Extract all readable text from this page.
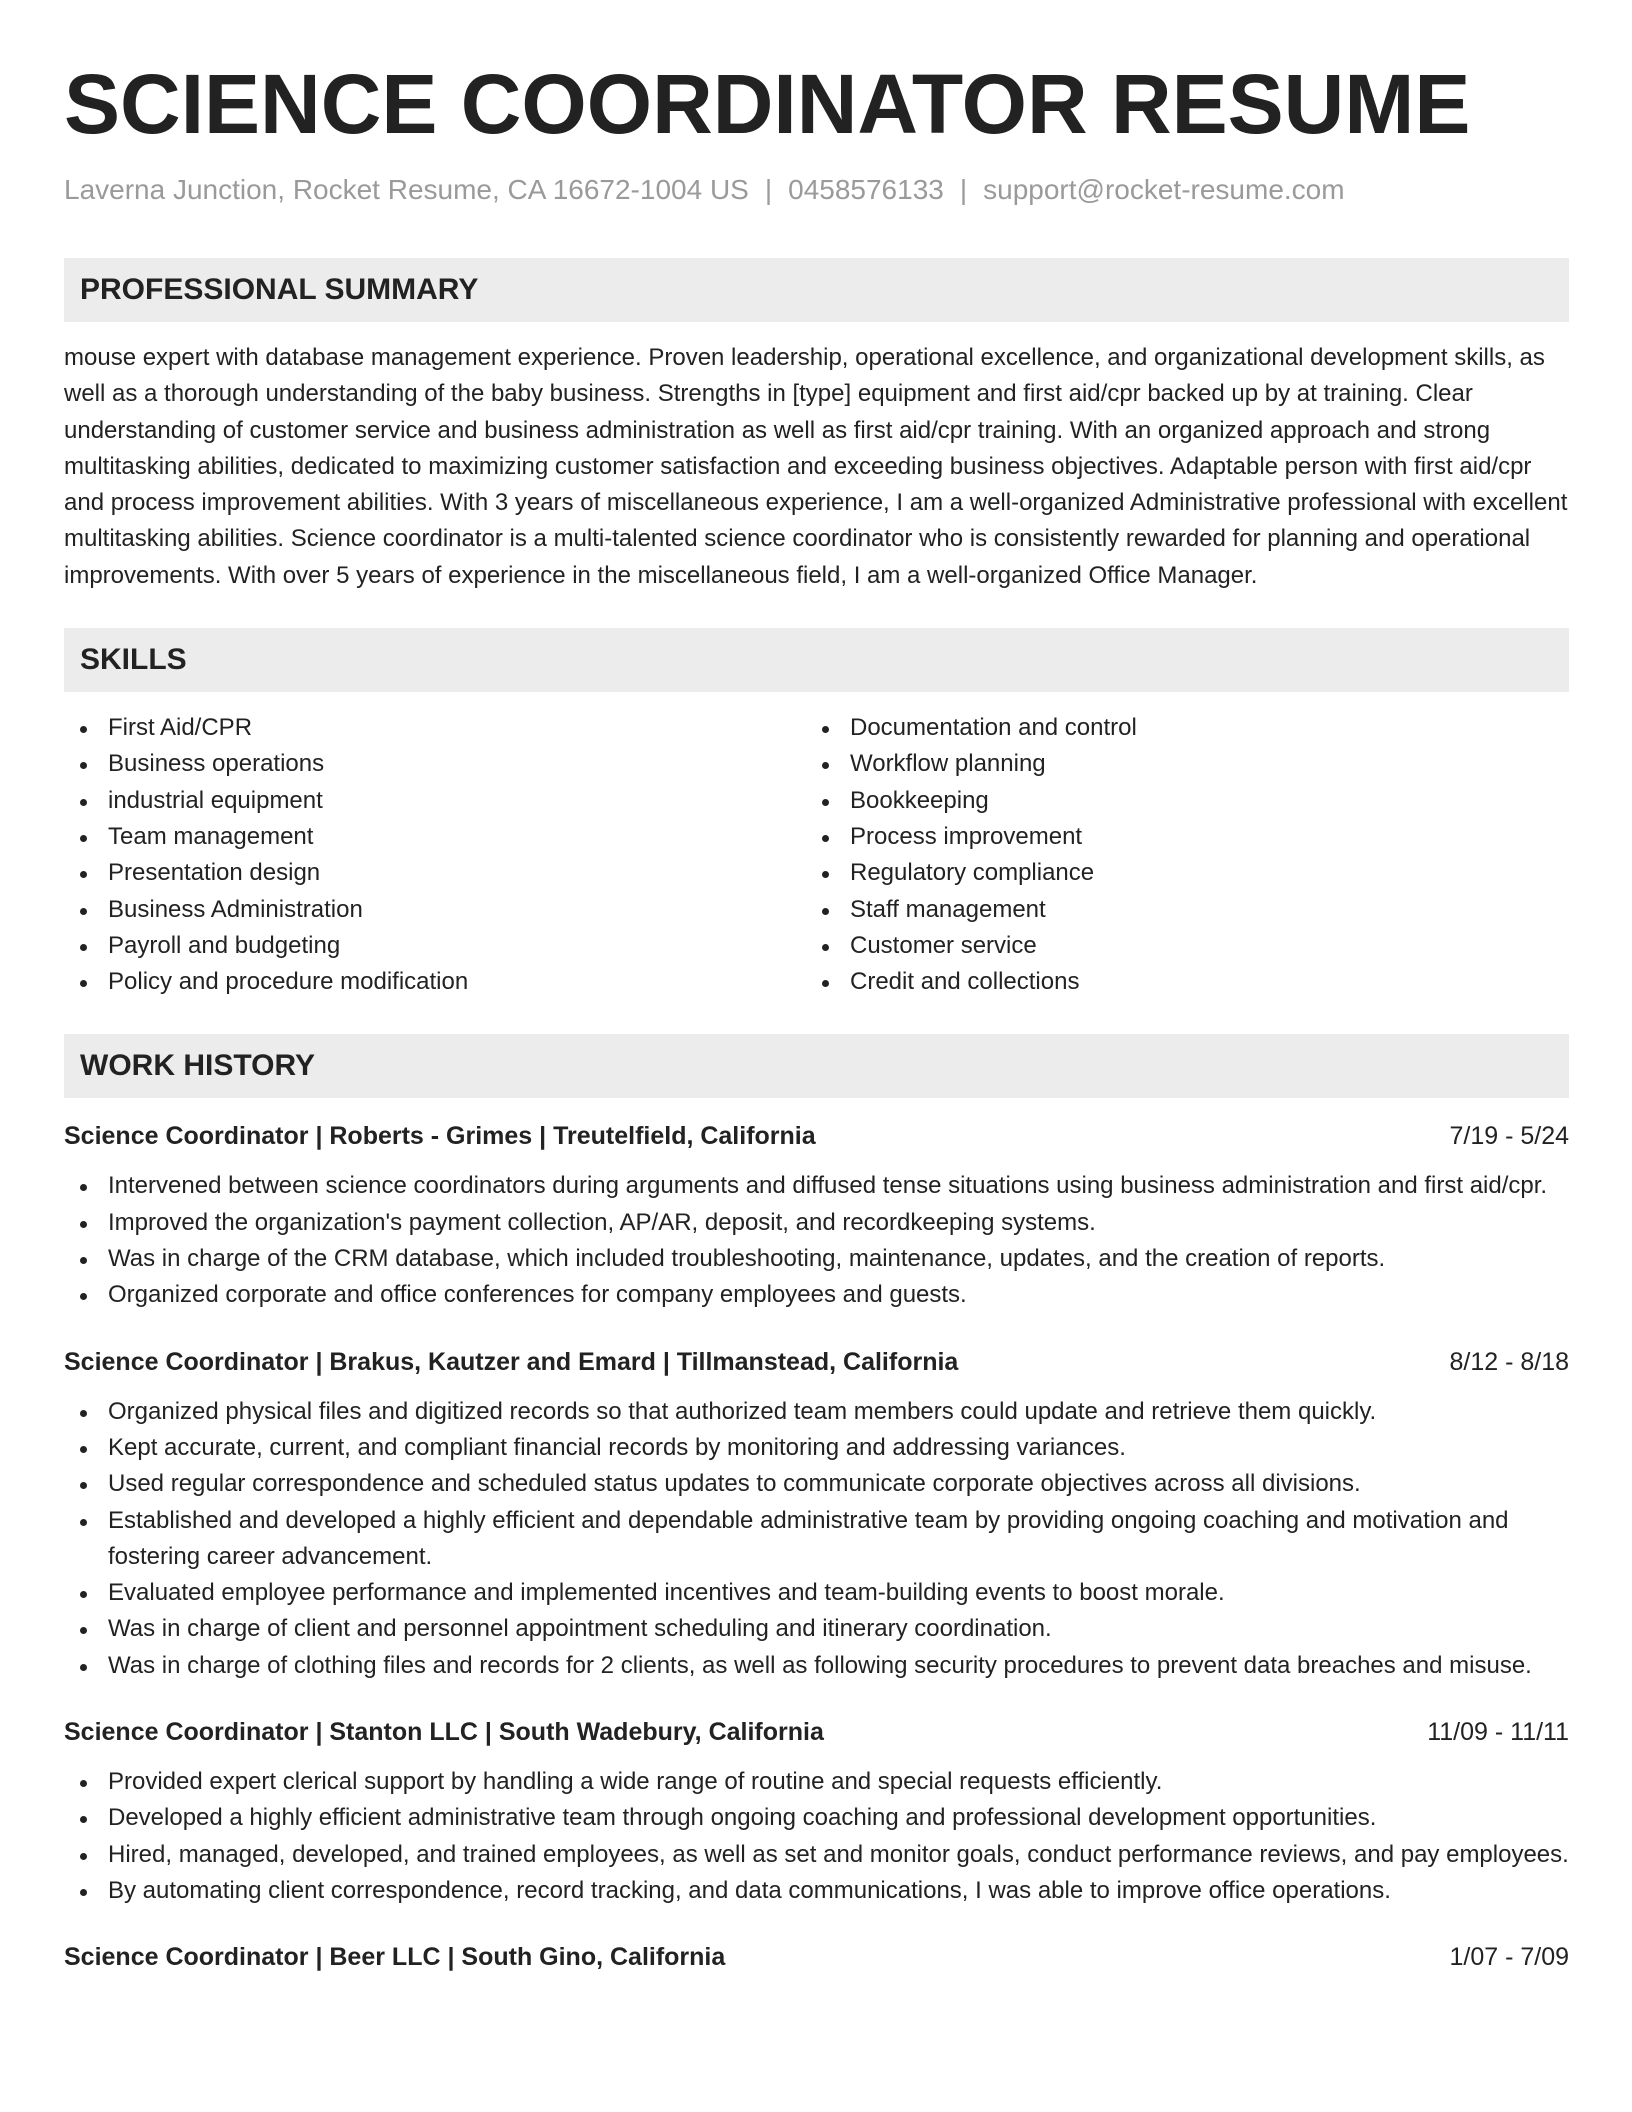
SCIENCE COORDINATOR RESUME
Laverna Junction, Rocket Resume, CA 16672-1004 US | 0458576133 | support@rocket-resume.com
PROFESSIONAL SUMMARY

mouse expert with database management experience. Proven leadership, operational excellence, and organizational development skills, as well as a thorough understanding of the baby business. Strengths in [type] equipment and first aid/cpr backed up by at training. Clear understanding of customer service and business administration as well as first aid/cpr training. With an organized approach and strong multitasking abilities, dedicated to maximizing customer satisfaction and exceeding business objectives. Adaptable person with first aid/cpr and process improvement abilities. With 3 years of miscellaneous experience, I am a well-organized Administrative professional with excellent multitasking abilities. Science coordinator is a multi-talented science coordinator who is consistently rewarded for planning and operational improvements. With over 5 years of experience in the miscellaneous field, I am a well-organized Office Manager.

SKILLS
First Aid/CPR
Business operations
industrial equipment
Team management
Presentation design
Business Administration
Payroll and budgeting
Policy and procedure modification
Documentation and control
Workflow planning
Bookkeeping
Process improvement
Regulatory compliance
Staff management
Customer service
Credit and collections
WORK HISTORY
Science Coordinator | Roberts - Grimes | Treutelfield, California	7/19 - 5/24
Intervened between science coordinators during arguments and diffused tense situations using business administration and first aid/cpr.
Improved the organization's payment collection, AP/AR, deposit, and recordkeeping systems.
Was in charge of the CRM database, which included troubleshooting, maintenance, updates, and the creation of reports.
Organized corporate and office conferences for company employees and guests.
Science Coordinator | Brakus, Kautzer and Emard | Tillmanstead, California	8/12 - 8/18
Organized physical files and digitized records so that authorized team members could update and retrieve them quickly.
Kept accurate, current, and compliant financial records by monitoring and addressing variances.
Used regular correspondence and scheduled status updates to communicate corporate objectives across all divisions.
Established and developed a highly efficient and dependable administrative team by providing ongoing coaching and motivation and fostering career advancement.
Evaluated employee performance and implemented incentives and team-building events to boost morale.
Was in charge of client and personnel appointment scheduling and itinerary coordination.
Was in charge of clothing files and records for 2 clients, as well as following security procedures to prevent data breaches and misuse.
Science Coordinator | Stanton LLC | South Wadebury, California	11/09 - 11/11
Provided expert clerical support by handling a wide range of routine and special requests efficiently.
Developed a highly efficient administrative team through ongoing coaching and professional development opportunities.
Hired, managed, developed, and trained employees, as well as set and monitor goals, conduct performance reviews, and pay employees.
By automating client correspondence, record tracking, and data communications, I was able to improve office operations.
Science Coordinator | Beer LLC | South Gino, California	1/07 - 7/09
